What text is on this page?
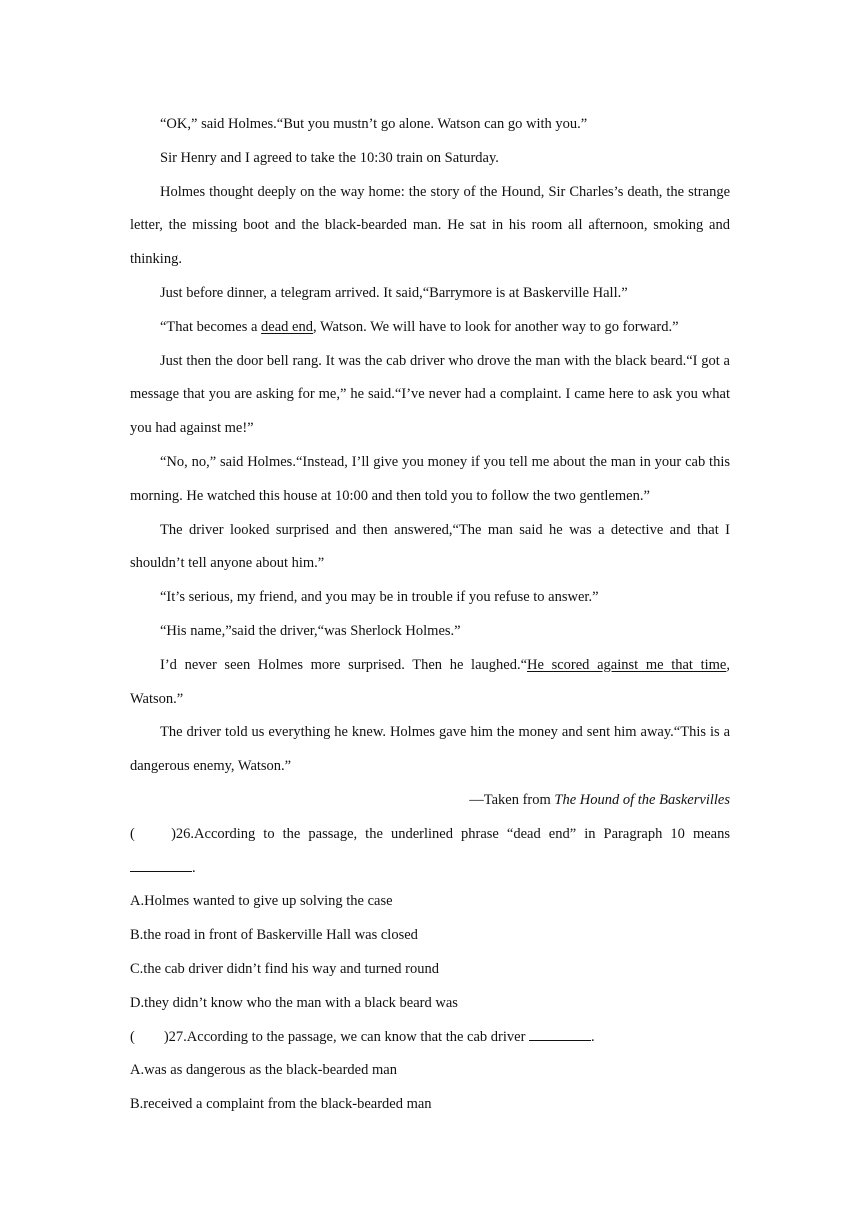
“OK,” said Holmes.“But you mustn’t go alone. Watson can go with you.”

Sir Henry and I agreed to take the 10:30 train on Saturday.

Holmes thought deeply on the way home: the story of the Hound, Sir Charles’s death, the strange letter, the missing boot and the black-bearded man. He sat in his room all afternoon, smoking and thinking.

Just before dinner, a telegram arrived. It said,“Barrymore is at Baskerville Hall.”

“That becomes a dead end, Watson. We will have to look for another way to go forward.”

Just then the door bell rang. It was the cab driver who drove the man with the black beard.“I got a message that you are asking for me,” he said.“I’ve never had a complaint. I came here to ask you what you had against me!”

“No, no,” said Holmes.“Instead, I’ll give you money if you tell me about the man in your cab this morning. He watched this house at 10:00 and then told you to follow the two gentlemen.”

The driver looked surprised and then answered,“The man said he was a detective and that I shouldn’t tell anyone about him.”

“It’s serious, my friend, and you may be in trouble if you refuse to answer.”

“His name,”said the driver,“was Sherlock Holmes.”

I’d never seen Holmes more surprised. Then he laughed.“He scored against me that time, Watson.”

The driver told us everything he knew. Holmes gave him the money and sent him away.“This is a dangerous enemy, Watson.”

—Taken from The Hound of the Baskervilles

(          )26.According to the passage, the underlined phrase “dead end” in Paragraph 10 means .

A.Holmes wanted to give up solving the case

B.the road in front of Baskerville Hall was closed

C.the cab driver didn’t find his way and turned round

D.they didn’t know who the man with a black beard was

(        )27.According to the passage, we can know that the cab driver	.

A.was as dangerous as the black-bearded man

B.received a complaint from the black-bearded man
